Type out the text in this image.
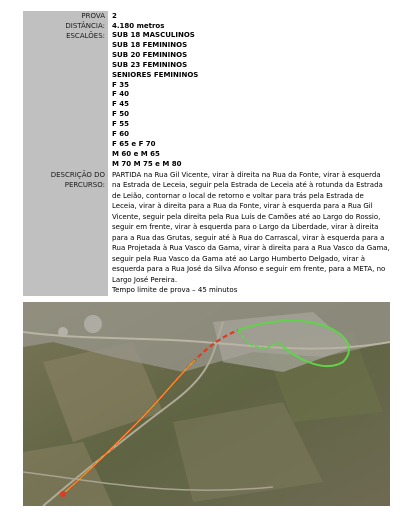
PROVA	2
DISTÂNCIA:	4.180 metros
ESCALÕES:	SUB 18 MASCULINOS
SUB 18 FEMININOS
SUB 20 FEMININOS
SUB 23 FEMININOS
SENIORES FEMININOS
F 35
F 40
F 45
F 50
F 55
F 60
F 65 e F 70
M 60 e M 65
M 70 M 75 e M 80
DESCRIÇÃO DO
PERCURSO:
PARTIDA na Rua Gil Vicente, virar à direita na Rua da Fonte, virar à esquerda na Estrada de Leceia, seguir pela Estrada de Leceia até à rotunda da Estrada de Leião, contornar o local de retorno e voltar para trás pela Estrada de Leceia, virar à direita para a Rua da Fonte, virar à esquerda para a Rua Gil Vicente, seguir pela direita pela Rua Luís de Camões até ao Largo do Rossio, seguir em frente, virar à esquerda para o Largo da Liberdade, virar à direita para a Rua das Grutas, seguir até à Rua do Carrascal, virar à esquerda para a Rua Projetada à Rua Vasco da Gama, virar à direita para a Rua Vasco da Gama, seguir pela Rua Vasco da Gama até ao Largo Humberto Delgado, virar à esquerda para a Rua José da Silva Afonso e seguir em frente, para a META, no Largo José Pereira.
Tempo limite de prova – 45 minutos
